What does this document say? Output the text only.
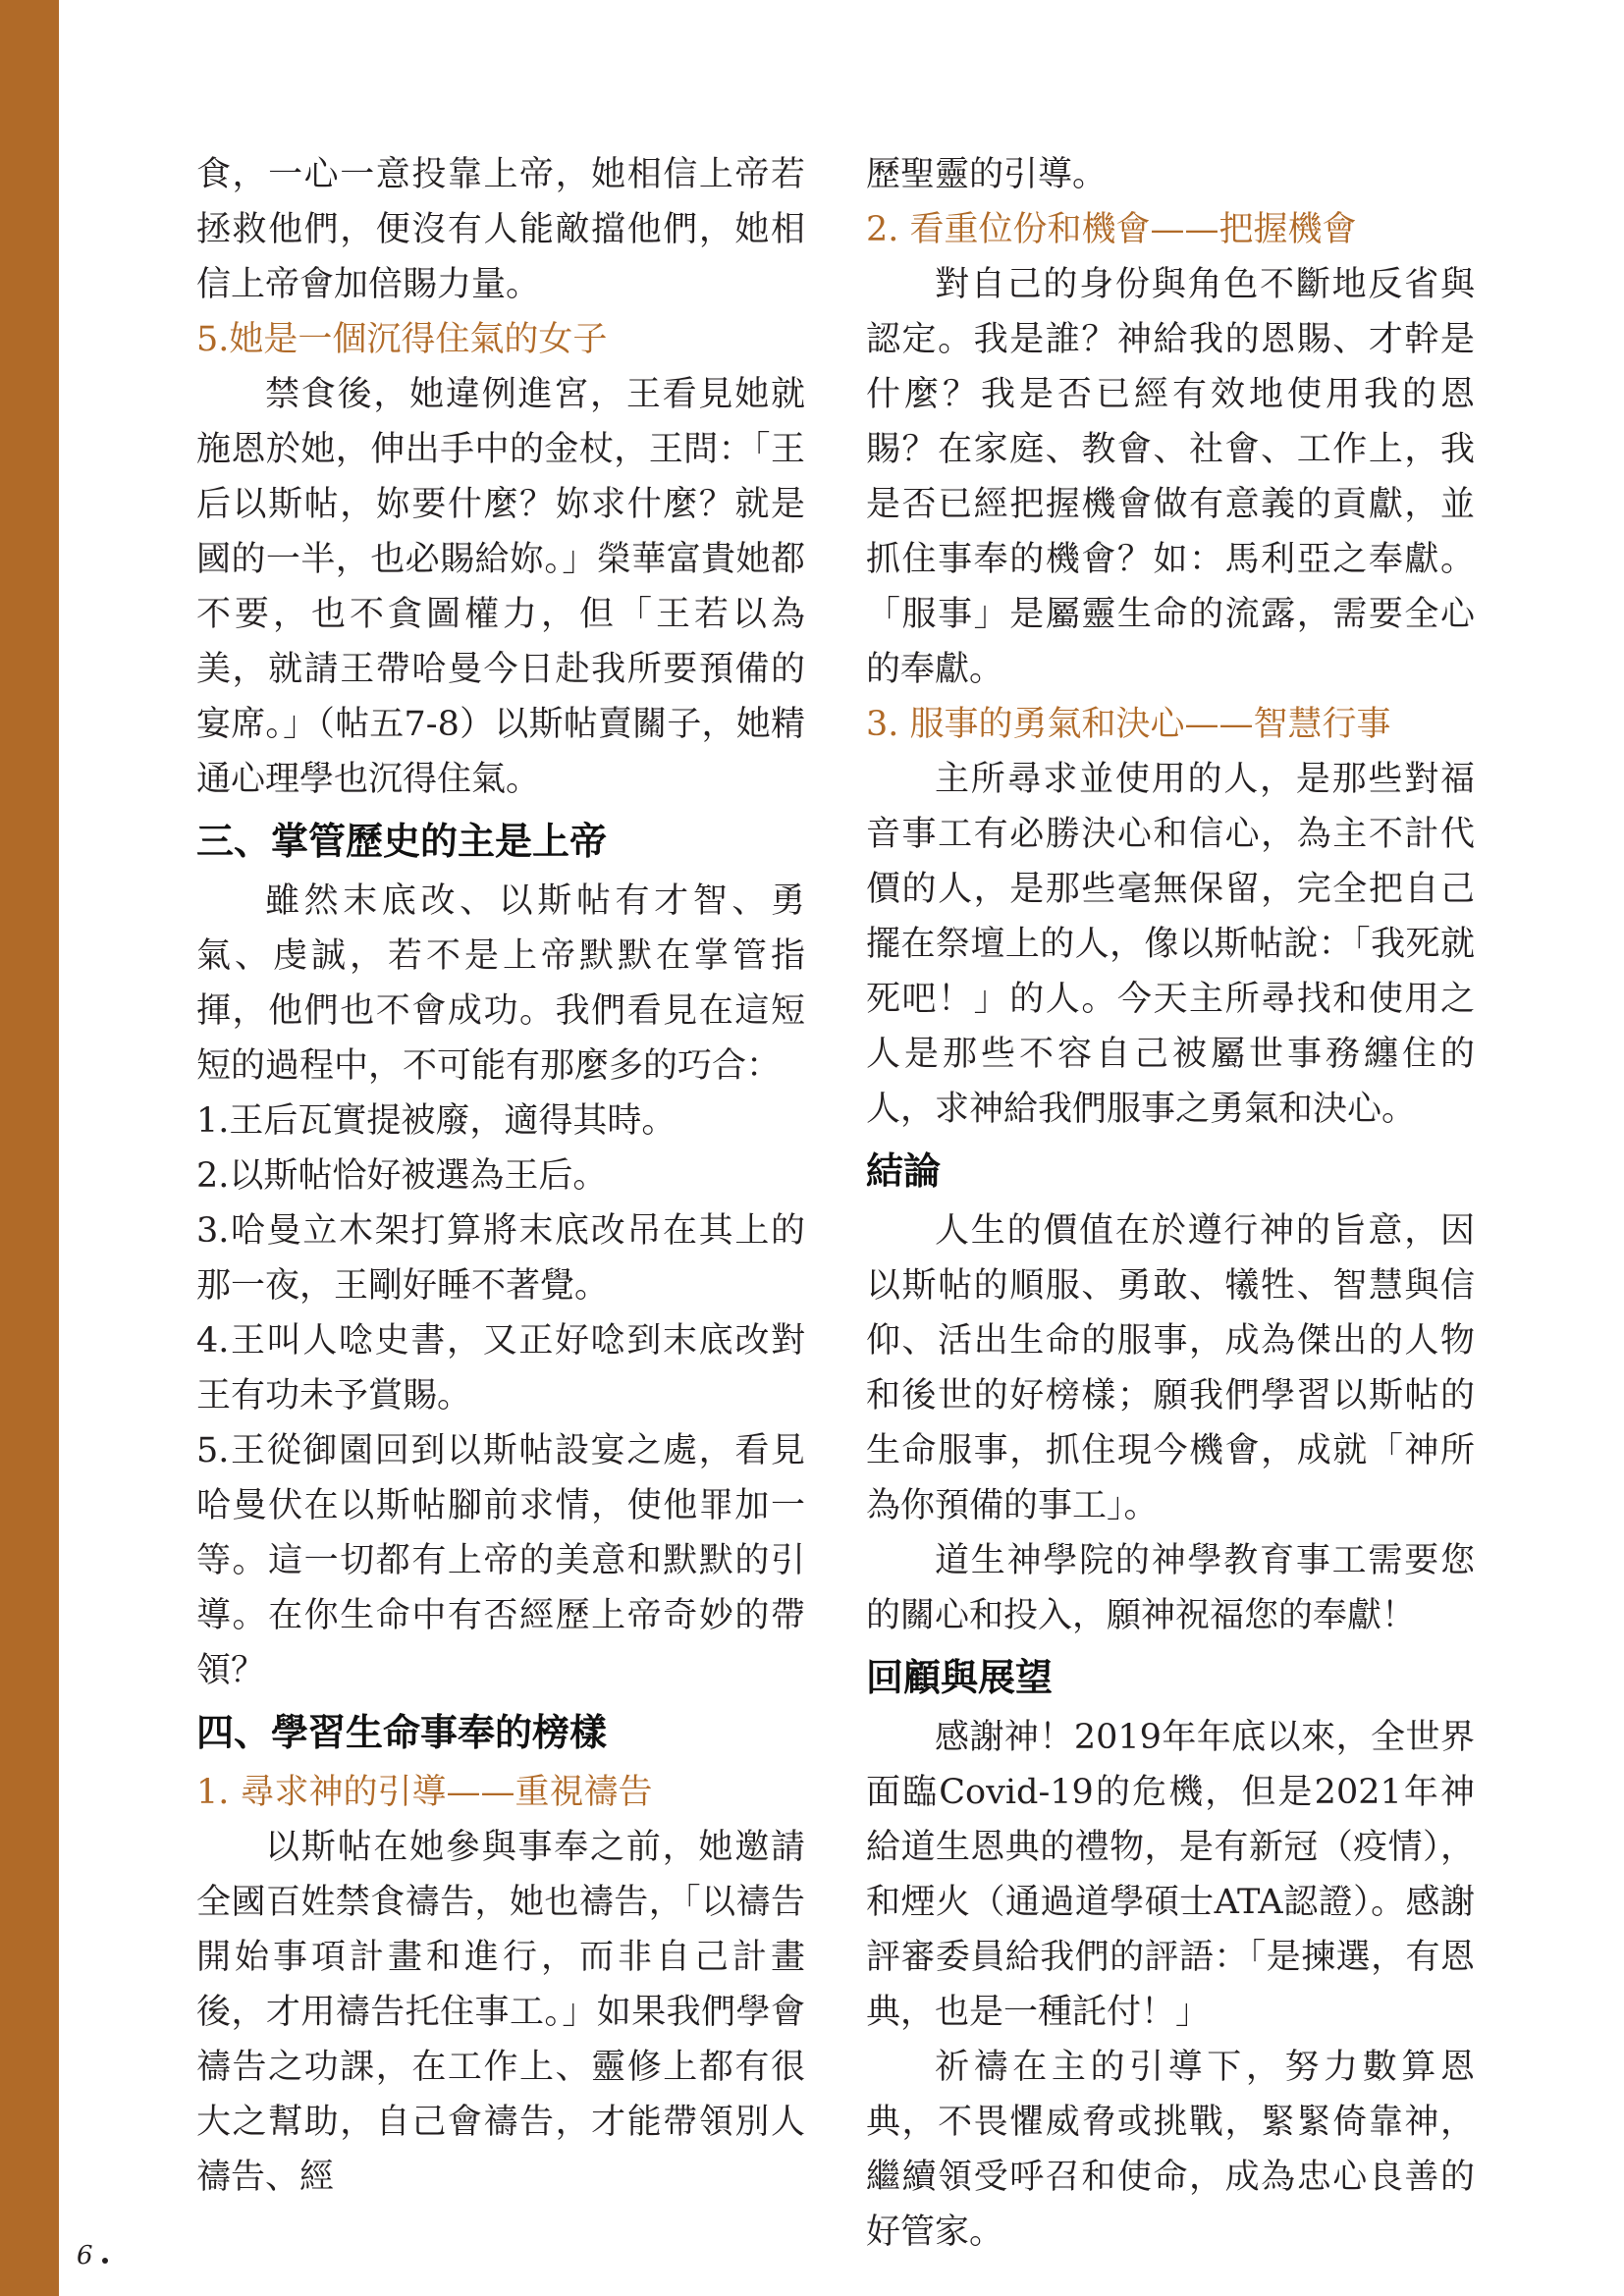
食，一心一意投靠上帝，她相信上帝若拯救他們，便沒有人能敵擋他們，她相信上帝會加倍賜力量。

5.她是一個沉得住氣的女子

禁食後，她違例進宮，王看見她就施恩於她，伸出手中的金杖，王問：「王后以斯帖，妳要什麼？妳求什麼？就是國的一半，也必賜給妳。」榮華富貴她都不要，也不貪圖權力，但「王若以為美，就請王帶哈曼今日赴我所要預備的宴席。」（帖五7-8）以斯帖賣關子，她精通心理學也沉得住氣。

三、掌管歷史的主是上帝

雖然末底改、以斯帖有才智、勇氣、虔誠，若不是上帝默默在掌管指揮，他們也不會成功。我們看見在這短短的過程中，不可能有那麼多的巧合：

1.王后瓦實提被廢，適得其時。

2.以斯帖恰好被選為王后。

3.哈曼立木架打算將末底改吊在其上的那一夜，王剛好睡不著覺。

4.王叫人唸史書，又正好唸到末底改對王有功未予賞賜。

5.王從御園回到以斯帖設宴之處，看見哈曼伏在以斯帖腳前求情，使他罪加一等。這一切都有上帝的美意和默默的引導。在你生命中有否經歷上帝奇妙的帶領？

四、學習生命事奉的榜樣
1. 尋求神的引導——重視禱告

以斯帖在她參與事奉之前，她邀請全國百姓禁食禱告，她也禱告，「以禱告開始事項計畫和進行，而非自己計畫後，才用禱告托住事工。」如果我們學會禱告之功課，在工作上、靈修上都有很大之幫助，自己會禱告，才能帶領別人禱告、經

歷聖靈的引導。

2. 看重位份和機會——把握機會

對自己的身份與角色不斷地反省與認定。我是誰？神給我的恩賜、才幹是什麼？我是否已經有效地使用我的恩賜？在家庭、教會、社會、工作上，我是否已經把握機會做有意義的貢獻，並抓住事奉的機會？如：馬利亞之奉獻。「服事」是屬靈生命的流露，需要全心的奉獻。

3. 服事的勇氣和決心——智慧行事

主所尋求並使用的人，是那些對福音事工有必勝決心和信心，為主不計代價的人，是那些毫無保留，完全把自己擺在祭壇上的人，像以斯帖說：「我死就死吧！」的人。今天主所尋找和使用之人是那些不容自己被屬世事務纏住的人，求神給我們服事之勇氣和決心。

結論

人生的價值在於遵行神的旨意，因以斯帖的順服、勇敢、犧牲、智慧與信仰、活出生命的服事，成為傑出的人物和後世的好榜樣；願我們學習以斯帖的生命服事，抓住現今機會，成就「神所為你預備的事工」。

道生神學院的神學教育事工需要您的關心和投入，願神祝福您的奉獻！

回顧與展望

感謝神！2019年年底以來，全世界面臨Covid-19的危機，但是2021年神給道生恩典的禮物，是有新冠（疫情），和煙火（通過道學碩士ATA認證）。感謝評審委員給我們的評語：「是揀選，有恩典，也是一種託付！」

祈禱在主的引導下，努力數算恩典，不畏懼威脅或挑戰，緊緊倚靠神，繼續領受呼召和使命，成為忠心良善的好管家。

6
